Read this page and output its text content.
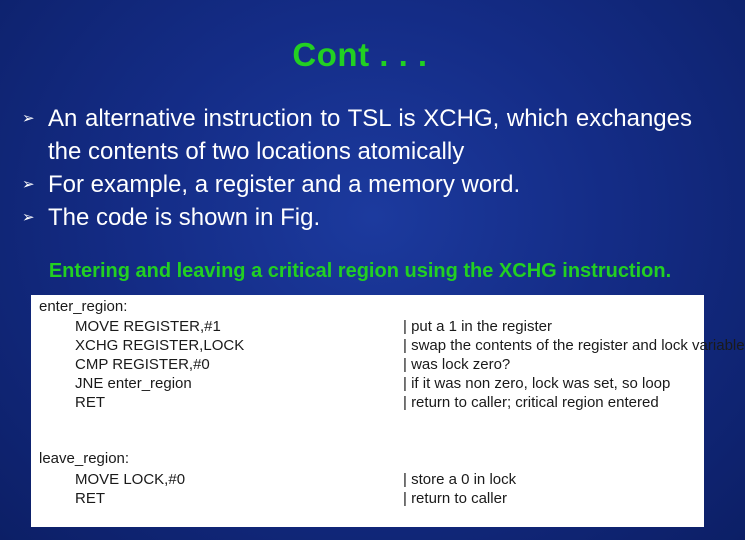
Cont . . .
➢ An alternative instruction to TSL is XCHG, which exchanges the contents of two locations atomically
➢ For example, a register and a memory word.
➢ The code is shown in Fig.
Entering and leaving a critical region using the XCHG instruction.
enter_region:
MOVE REGISTER,#1	| put a 1 in the register
XCHG REGISTER,LOCK	| swap the contents of the register and lock variable
CMP REGISTER,#0	| was lock zero?
JNE enter_region	| if it was non zero, lock was set, so loop
RET	| return to caller; critical region entered
leave_region:
MOVE LOCK,#0	| store a 0 in lock
RET	| return to caller
